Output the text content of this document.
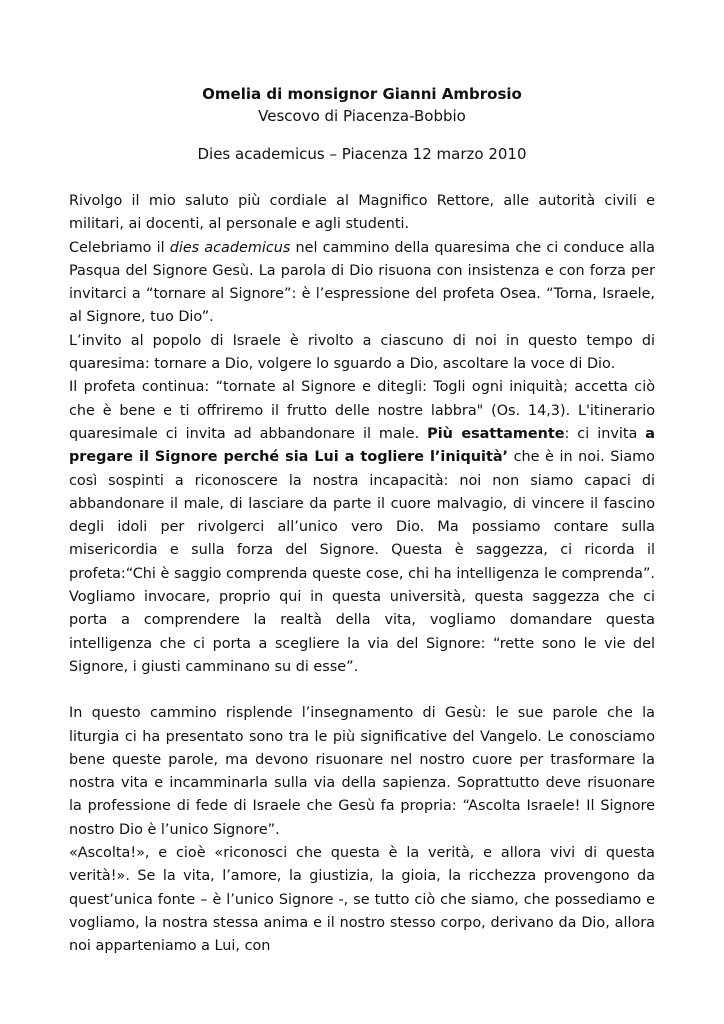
Omelia di monsignor Gianni Ambrosio

Vescovo di Piacenza-Bobbio

Dies academicus – Piacenza 12 marzo 2010

Rivolgo il mio saluto più cordiale al Magnifico Rettore, alle autorità civili e militari, ai docenti, al personale e agli studenti.

Celebriamo il dies academicus nel cammino della quaresima che ci conduce alla Pasqua del Signore Gesù. La parola di Dio risuona con insistenza e con forza per invitarci a “tornare al Signore”: è l’espressione del profeta Osea. “Torna, Israele, al Signore, tuo Dio”.

L’invito al popolo di Israele è rivolto a ciascuno di noi in questo tempo di quaresima: tornare a Dio, volgere lo sguardo a Dio, ascoltare la voce di Dio.

Il profeta continua: “tornate al Signore e ditegli: Togli ogni iniquità; accetta ciò che è bene e ti offriremo il frutto delle nostre labbra" (Os. 14,3). L'itinerario quaresimale ci invita ad abbandonare il male. Più esattamente: ci invita a pregare il Signore perché sia Lui a togliere l’iniquità’ che è in noi. Siamo così sospinti a riconoscere la nostra incapacità: noi non siamo capaci di abbandonare il male, di lasciare da parte il cuore malvagio, di vincere il fascino degli idoli per rivolgerci all’unico vero Dio. Ma possiamo contare sulla misericordia e sulla forza del Signore. Questa è saggezza, ci ricorda il profeta:“Chi è saggio comprenda queste cose, chi ha intelligenza le comprenda”. Vogliamo invocare, proprio qui in questa università, questa saggezza che ci porta a comprendere la realtà della vita, vogliamo domandare questa intelligenza che ci porta a scegliere la via del Signore: “rette sono le vie del Signore, i giusti camminano su di esse”.

In questo cammino risplende l’insegnamento di Gesù: le sue parole che la liturgia ci ha presentato sono tra le più significative del Vangelo. Le conosciamo bene queste parole, ma devono risuonare nel nostro cuore per trasformare la nostra vita e incamminarla sulla via della sapienza. Soprattutto deve risuonare la professione di fede di Israele che Gesù fa propria: “Ascolta Israele! Il Signore nostro Dio è l’unico Signore”.

«Ascolta!», e cioè «riconosci che questa è la verità, e allora vivi di questa verità!». Se la vita, l’amore, la giustizia, la gioia, la ricchezza provengono da quest’unica fonte – è l’unico Signore -, se tutto ciò che siamo, che possediamo e vogliamo, la nostra stessa anima e il nostro stesso corpo, derivano da Dio, allora noi apparteniamo a Lui, con
